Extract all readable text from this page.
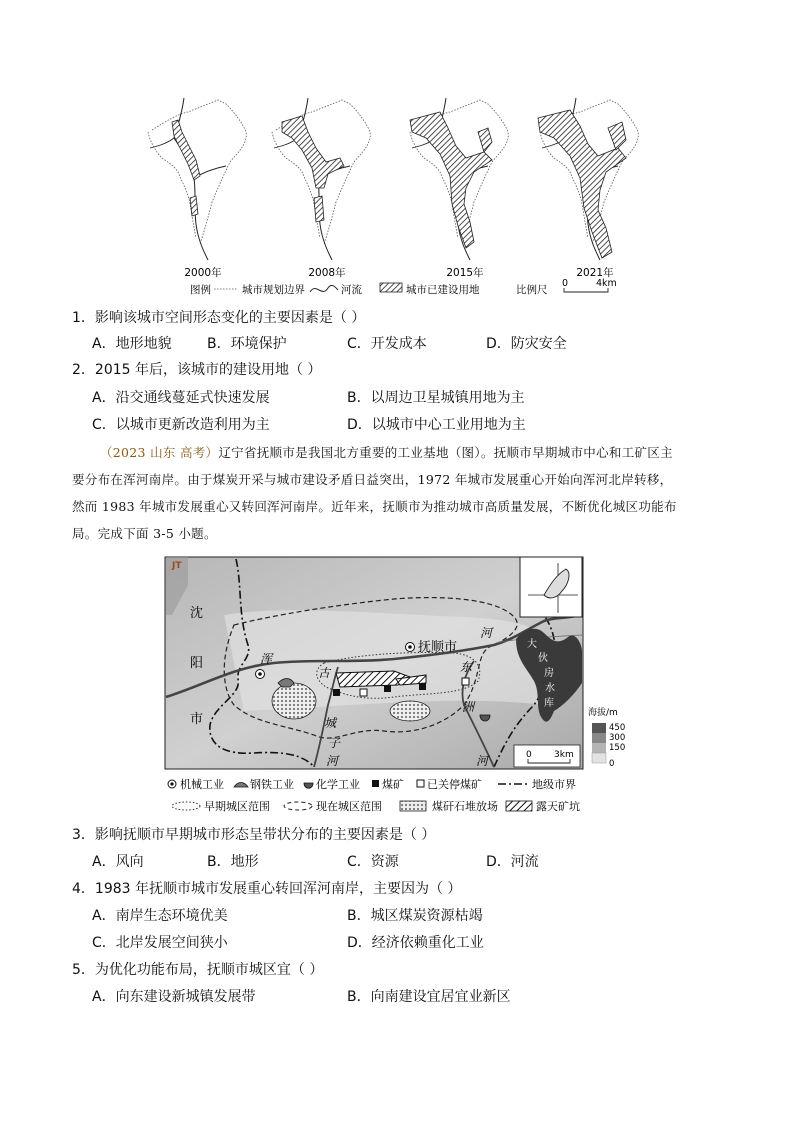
2000年	2008年	2015年	2021年
图例	城市规划边界	河流	城市已建设用地	比例尺
0	4km
1．影响该城市空间形态变化的主要因素是（ ）
A．地形地貌	B．环境保护	C．开发成本	D．防灾安全
2．2015 年后，该城市的建设用地（ ）
A．沿交通线蔓延式快速发展	B．以周边卫星城镇用地为主
C．以城市更新改造利用为主	D．以城市中心工业用地为主
（2023 山东 高考）辽宁省抚顺市是我国北方重要的工业基地（图）。抚顺市早期城市中心和工矿区主
要分布在浑河南岸。由于煤炭开采与城市建设矛盾日益突出，1972 年城市发展重心开始向浑河北岸转移，
然而 1983 年城市发展重心又转回浑河南岸。近年来，抚顺市为推动城市高质量发展，不断优化城区功能布
局。完成下面 3-5 小题。
大
伙
房
水
库
JT
沈
阳
市
抚顺市
浑
河
古
城
子
河
东
洲
河	0 3km
海拔/m
450
300
150
0
机械工业 钢铁工业 化学工业 煤矿 已关停煤矿	地级市界
早期城区范围	现在城区范围	煤矸石堆放场	露天矿坑
3．影响抚顺市早期城市形态呈带状分布的主要因素是（ ）
A．风向	B．地形	C．资源	D．河流
4．1983 年抚顺市城市发展重心转回浑河南岸，主要因为（ ）
A．南岸生态环境优美	B．城区煤炭资源枯竭
C．北岸发展空间狭小	D．经济依赖重化工业
5．为优化功能布局，抚顺市城区宜（ ）
A．向东建设新城镇发展带	B．向南建设宜居宜业新区
